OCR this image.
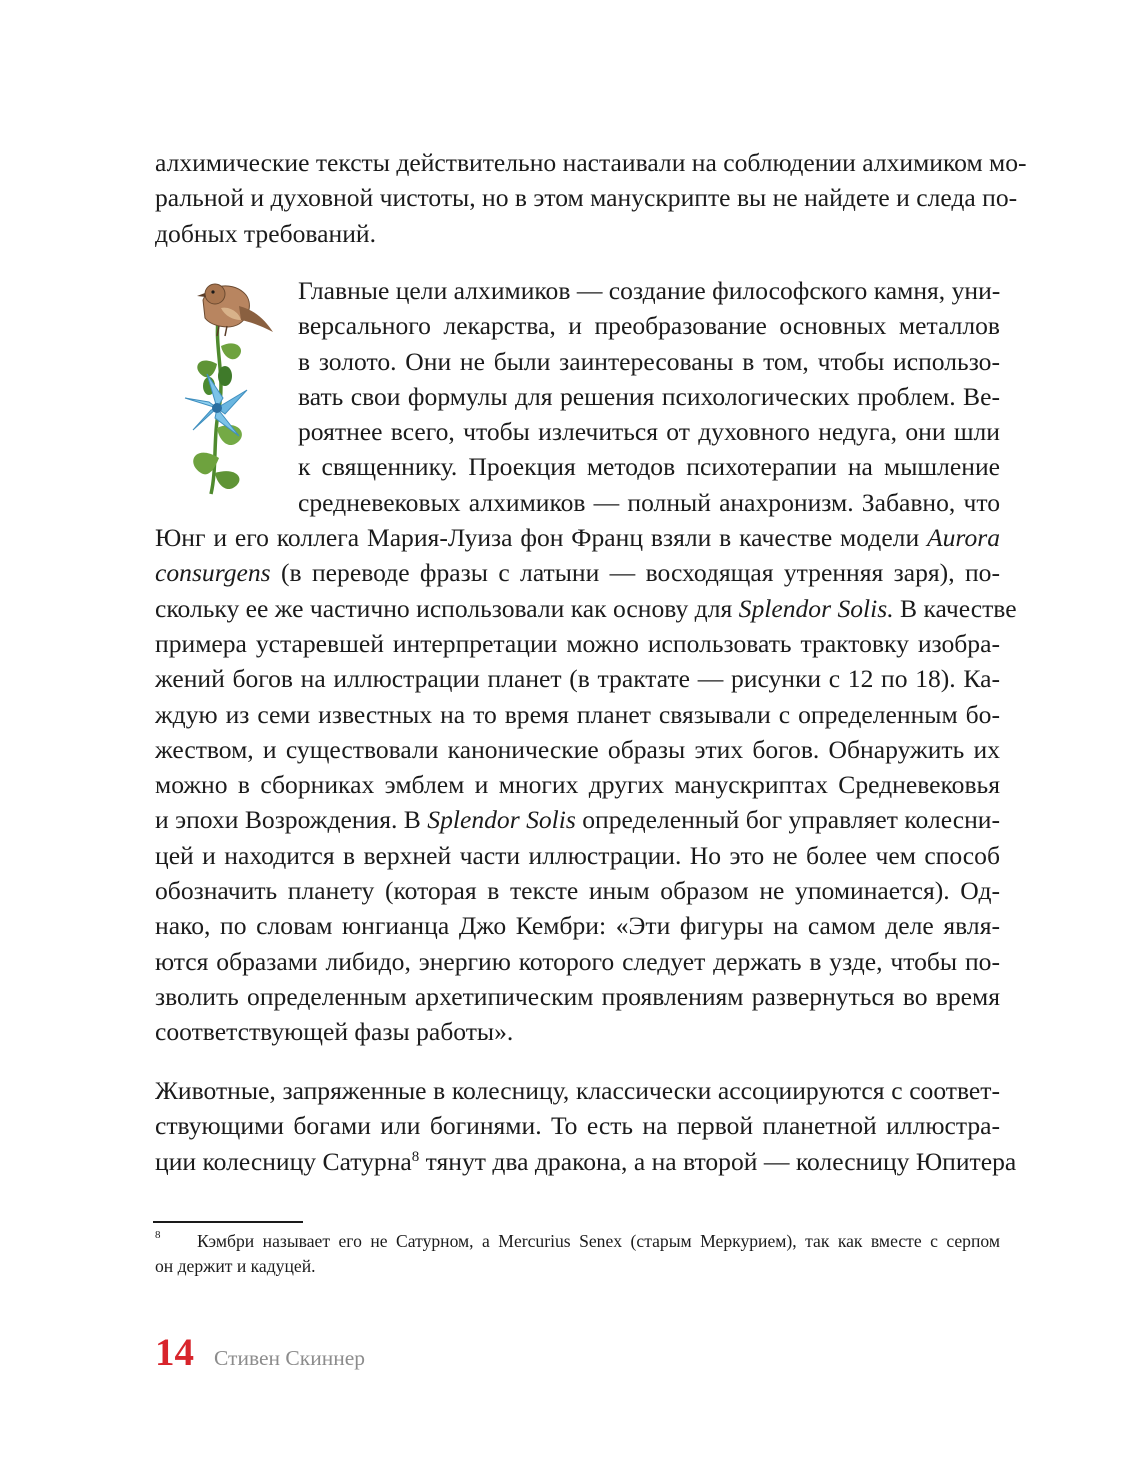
алхимические тексты действительно настаивали на соблюдении алхимиком мо-
ральной и духовной чистоты, но в этом манускрипте вы не найдете и следа по-
добных требований.
Главные цели алхимиков — создание философского камня, уни-
версального лекарства, и преобразование основных металлов
в золото. Они не были заинтересованы в том, чтобы использо-
вать свои формулы для решения психологических проблем. Ве-
роятнее всего, чтобы излечиться от духовного недуга, они шли
к священнику. Проекция методов психотерапии на мышление
средневековых алхимиков — полный анахронизм. Забавно, что
Юнг и его коллега Мария-Луиза фон Франц взяли в качестве модели Aurora
consurgens (в переводе фразы с латыни — восходящая утренняя заря), по-
скольку ее же частично использовали как основу для Splendor Solis. В качестве
примера устаревшей интерпретации можно использовать трактовку изобра-
жений богов на иллюстрации планет (в трактате — рисунки с 12 по 18). Ка-
ждую из семи известных на то время планет связывали с определенным бо-
жеством, и существовали канонические образы этих богов. Обнаружить их
можно в сборниках эмблем и многих других манускриптах Средневековья
и эпохи Возрождения. В Splendor Solis определенный бог управляет колесни-
цей и находится в верхней части иллюстрации. Но это не более чем способ
обозначить планету (которая в тексте иным образом не упоминается). Од-
нако, по словам юнгианца Джо Кембри: «Эти фигуры на самом деле явля-
ются образами либидо, энергию которого следует держать в узде, чтобы по-
зволить определенным архетипическим проявлениям развернуться во время
соответствующей фазы работы».
Животные, запряженные в колесницу, классически ассоциируются с соответ-
ствующими богами или богинями. То есть на первой планетной иллюстра-
ции колесницу Сатурна$^8$ тянут два дракона, а на второй — колесницу Юпитера
8	Кэмбри называет его не Сатурном, а Mercurius Senex (старым Меркурием), так как вместе с серпом
он держит и кадуцей.
14 Стивен Скиннер
